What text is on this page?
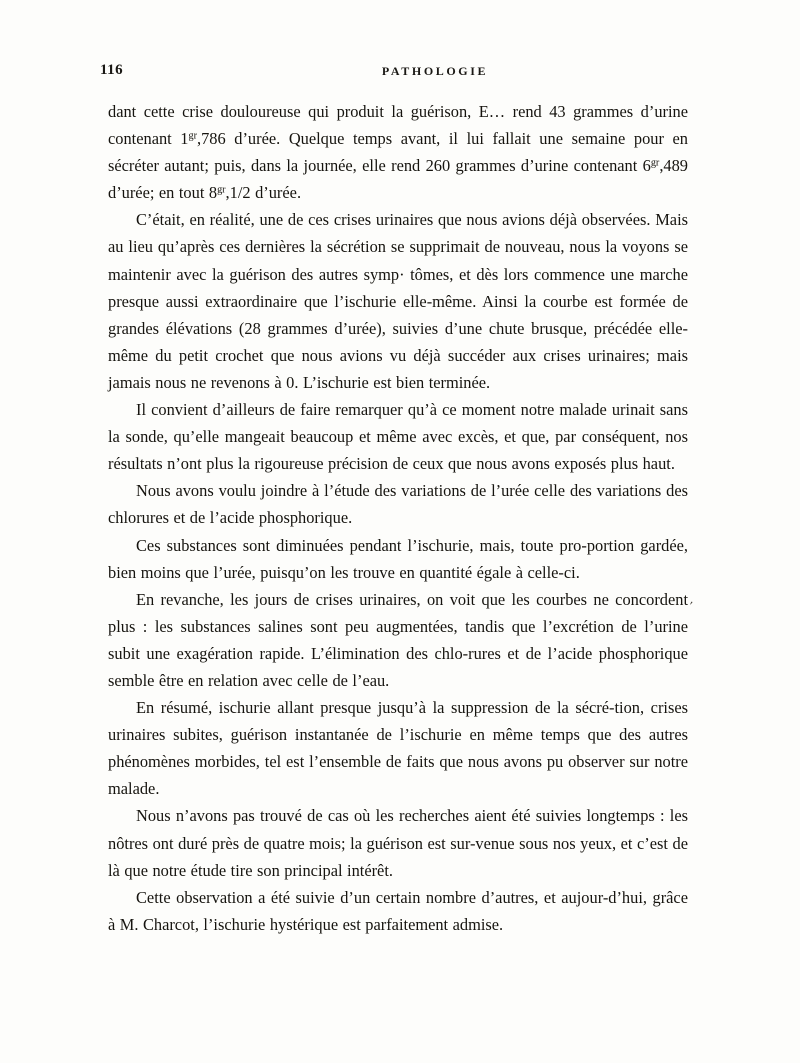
116	PATHOLOGIE

dant cette crise douloureuse qui produit la guérison, E… rend 43 grammes d’urine contenant $1^{gr},786$ d’urée. Quelque temps avant, il lui fallait une semaine pour en sécréter autant; puis, dans la journée, elle rend 260 grammes d’urine contenant $6^{gr},489$ d’urée; en tout $8^{gr},1/2$ d’urée.

C’était, en réalité, une de ces crises urinaires que nous avions déjà observées. Mais au lieu qu’après ces dernières la sécrétion se supprimait de nouveau, nous la voyons se maintenir avec la guérison des autres symp· tômes, et dès lors commence une marche presque aussi extraordinaire que l’ischurie elle-même. Ainsi la courbe est formée de grandes élévations (28 grammes d’urée), suivies d’une chute brusque, précédée elle-même du petit crochet que nous avions vu déjà succéder aux crises urinaires; mais jamais nous ne revenons à 0. L’ischurie est bien terminée.

Il convient d’ailleurs de faire remarquer qu’à ce moment notre malade urinait sans la sonde, qu’elle mangeait beaucoup et même avec excès, et que, par conséquent, nos résultats n’ont plus la rigoureuse précision de ceux que nous avons exposés plus haut.

Nous avons voulu joindre à l’étude des variations de l’urée celle des variations des chlorures et de l’acide phosphorique.

Ces substances sont diminuées pendant l’ischurie, mais, toute pro-portion gardée, bien moins que l’urée, puisqu’on les trouve en quantité égale à celle-ci.

En revanche, les jours de crises urinaires, on voit que les courbes ne concordent plus : les substances salines sont peu augmentées, tandis que l’excrétion de l’urine subit une exagération rapide. L’élimination des chlo-rures et de l’acide phosphorique semble être en relation avec celle de l’eau.

En résumé, ischurie allant presque jusqu’à la suppression de la sécré-tion, crises urinaires subites, guérison instantanée de l’ischurie en même temps que des autres phénomènes morbides, tel est l’ensemble de faits que nous avons pu observer sur notre malade.

Nous n’avons pas trouvé de cas où les recherches aient été suivies longtemps : les nôtres ont duré près de quatre mois; la guérison est sur-venue sous nos yeux, et c’est de là que notre étude tire son principal intérêt.

Cette observation a été suivie d’un certain nombre d’autres, et aujour-d’hui, grâce à M. Charcot, l’ischurie hystérique est parfaitement admise.

′
